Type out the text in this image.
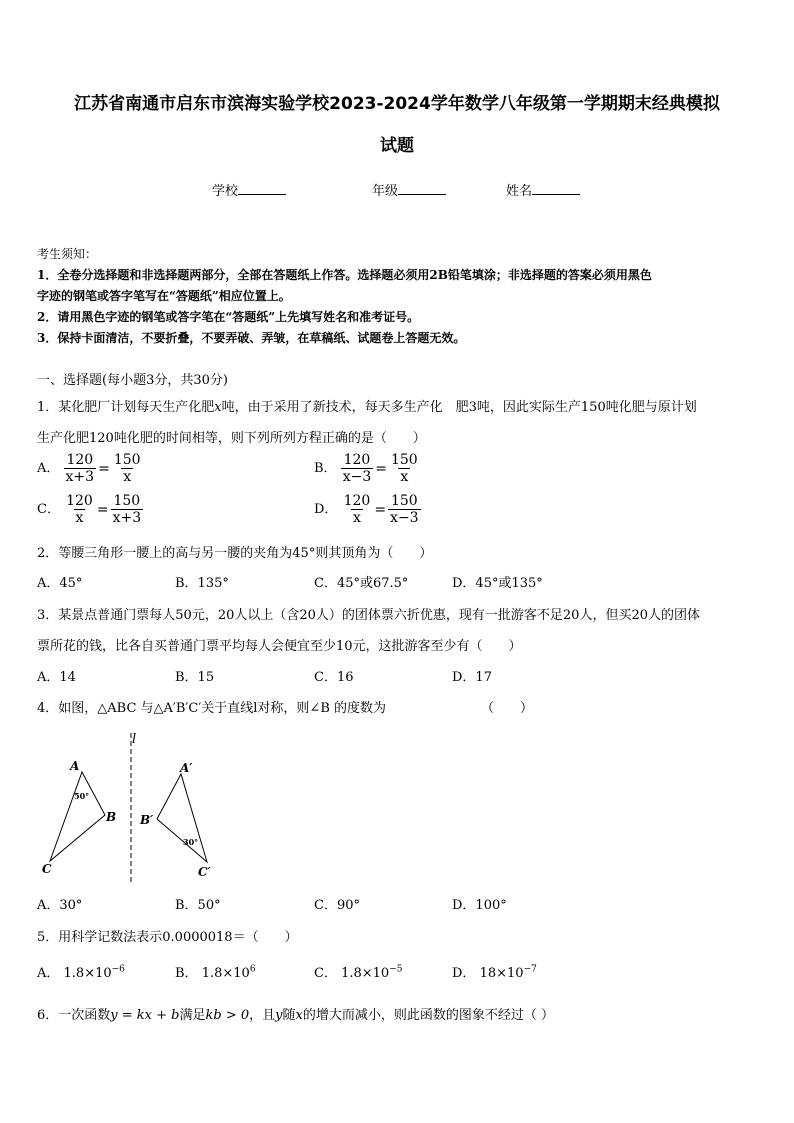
江苏省南通市启东市滨海实验学校2023-2024学年数学八年级第一学期期末经典模拟
试题
学校	年级	姓名
考生须知：
1．全卷分选择题和非选择题两部分，全部在答题纸上作答。选择题必须用2B铅笔填涂；非选择题的答案必须用黑色
字迹的钢笔或答字笔写在“答题纸”相应位置上。
2．请用黑色字迹的钢笔或答字笔在“答题纸”上先填写姓名和准考证号。
3．保持卡面清洁，不要折叠，不要弄破、弄皱，在草稿纸、试题卷上答题无效。
一、选择题(每小题3分，共30分)
1．某化肥厂计划每天生产化肥x吨，由于采用了新技术，每天多生产化　肥3吨，因此实际生产150吨化肥与原计划
生产化肥120吨化肥的时间相等，则下列所列方程正确的是（　　）
A． $\frac{120}{x+3} = \frac{150}{x}$	B． $\frac{120}{x-3} = \frac{150}{x}$
C． $\frac{120}{x} = \frac{150}{x+3}$	D． $\frac{120}{x} = \frac{150}{x-3}$
2．等腰三角形一腰上的高与另一腰的夹角为45°则其顶角为（　　）
A．45°	B．135°	C．45°或67.5°	D．45°或135°
3．某景点普通门票每人50元，20人以上（含20人）的团体票六折优惠，现有一批游客不足20人，但买20人的团体
票所花的钱，比各自买普通门票平均每人会便宜至少10元，这批游客至少有（　　）
A．14	B．15	C．16	D．17
4．如图，△ABC 与△A′B′C′关于直线l对称，则∠B 的度数为	（　　）
l
A
B
C
50°
A′
B′
C′
30°
A．30°	B．50°	C．90°	D．100°
5．用科学记数法表示0.0000018＝（　　）
A． $1.8\times 10^{-6}$	B． $1.8\times 10^6$	C． $1.8\times 10^{-5}$	D． $18\times 10^{-7}$
6．一次函数y = kx + b满足kb > 0，且y随x的增大而减小，则此函数的图象不经过（ ）
